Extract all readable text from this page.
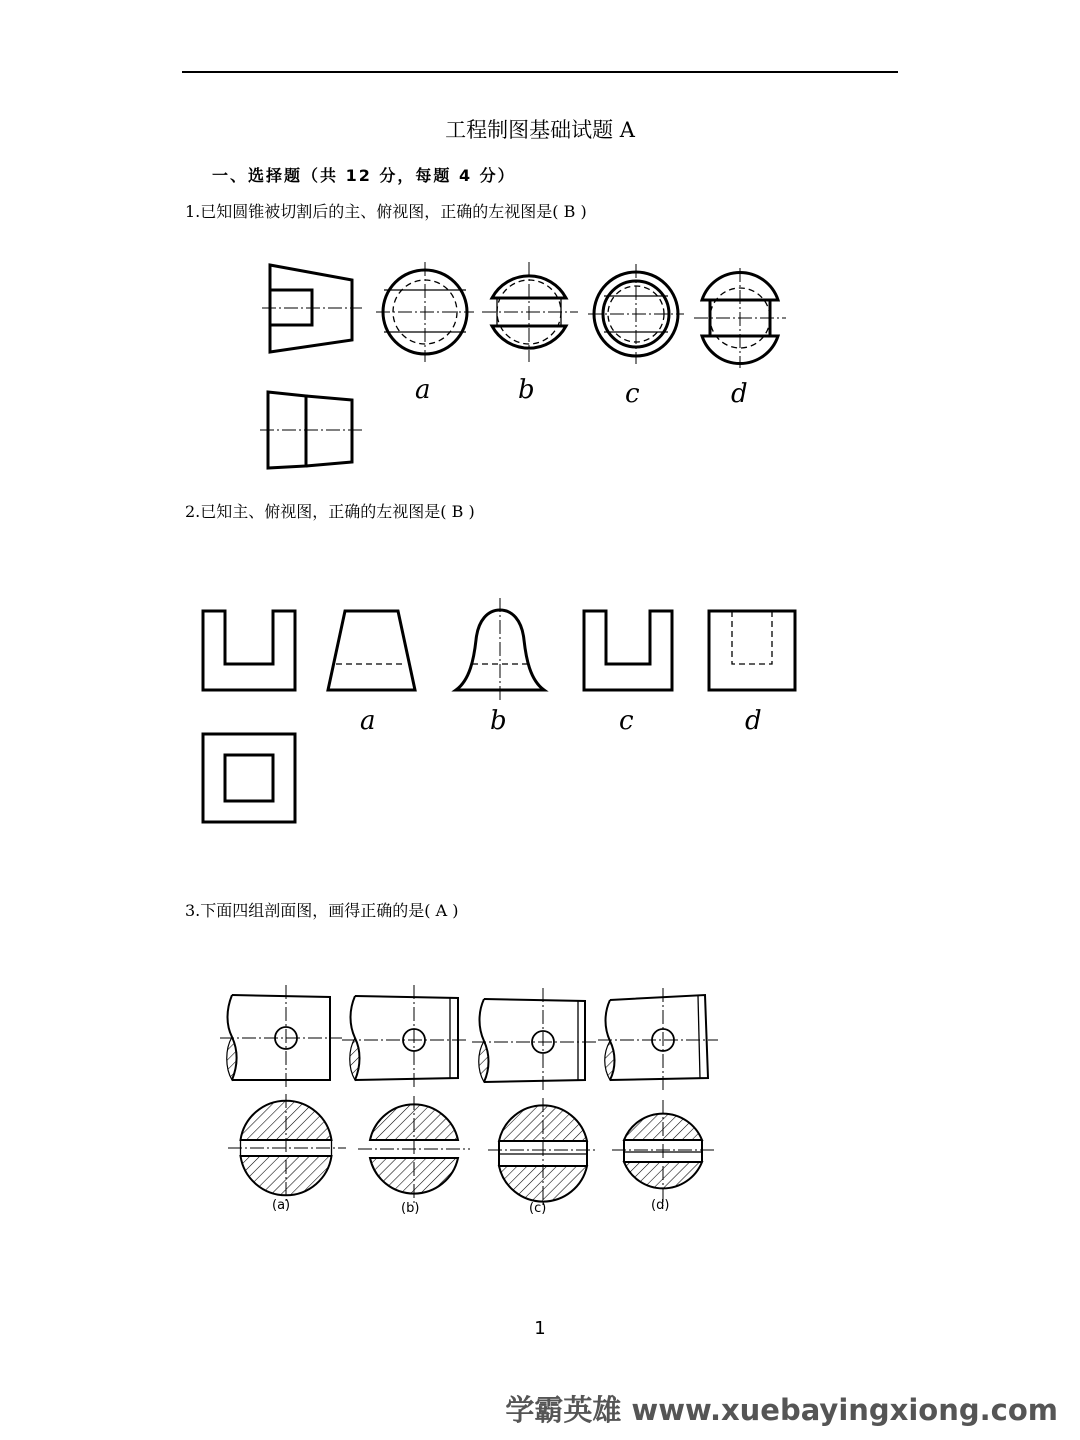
工程制图基础试题 A
一、选择题（共 12 分，每题 4 分）
1.已知圆锥被切割后的主、俯视图，正确的左视图是( B )
2.已知主、俯视图，正确的左视图是( B )
3.下面四组剖面图，画得正确的是( A )
a	b	c	d
a	b	c	d
(a)	(b)	(c)	(d)
1
学霸英雄 www.xuebayingxiong.com
